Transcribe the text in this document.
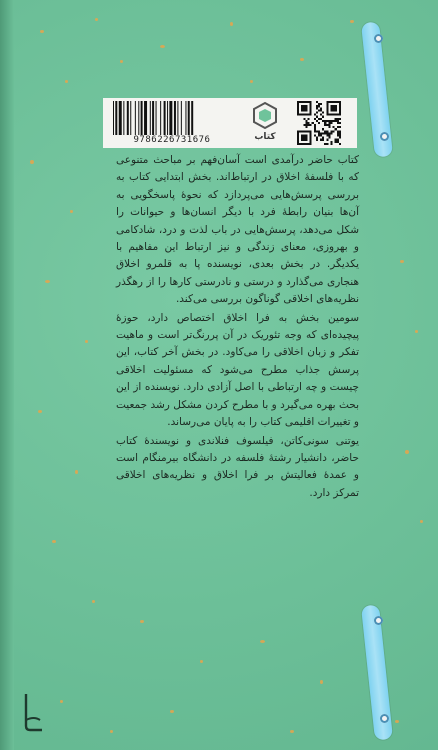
9786226731676	کتاب

کتاب حاضر درآمدی است آسان‌فهم بر مباحث متنوعی که با فلسفهٔ اخلاق در ارتباط‌اند. بخش ابتدایی کتاب به بررسی پرسش‌هایی می‌پردازد که نحوهٔ پاسخگویی به آن‌ها بنیان رابطهٔ فرد با دیگر انسان‌ها و حیوانات را شکل می‌دهد، پرسش‌هایی در باب لذت و درد، شادکامی و بهروزی، معنای زندگی و نیز ارتباط این مفاهیم با یکدیگر. در بخش بعدی، نویسنده پا به قلمرو اخلاق هنجاری می‌گذارد و درستی و نادرستی کارها را از رهگذر نظریه‌های اخلاقی گوناگون بررسی می‌کند.

سومین بخش به فرا اخلاق اختصاص دارد، حوزهٔ پیچیده‌ای که وجه تئوریک در آن پررنگ‌تر است و ماهیت تفکر و زبان اخلاقی را می‌کاود. در بخش آخر کتاب، این پرسش جذاب مطرح می‌شود که مسئولیت اخلاقی چیست و چه ارتباطی با اصل آزادی دارد. نویسنده از این بحث بهره می‌گیرد و با مطرح کردن مشکل رشد جمعیت و تغییرات اقلیمی کتاب را به پایان می‌رساند.

یوتنی سونی‌کاتن، فیلسوف فنلاندی و نویسندهٔ کتاب حاضر، دانشیار رشتهٔ فلسفه در دانشگاه بیرمنگام است و عمدهٔ فعالیتش بر فرا اخلاق و نظریه‌های اخلاقی تمرکز دارد.
